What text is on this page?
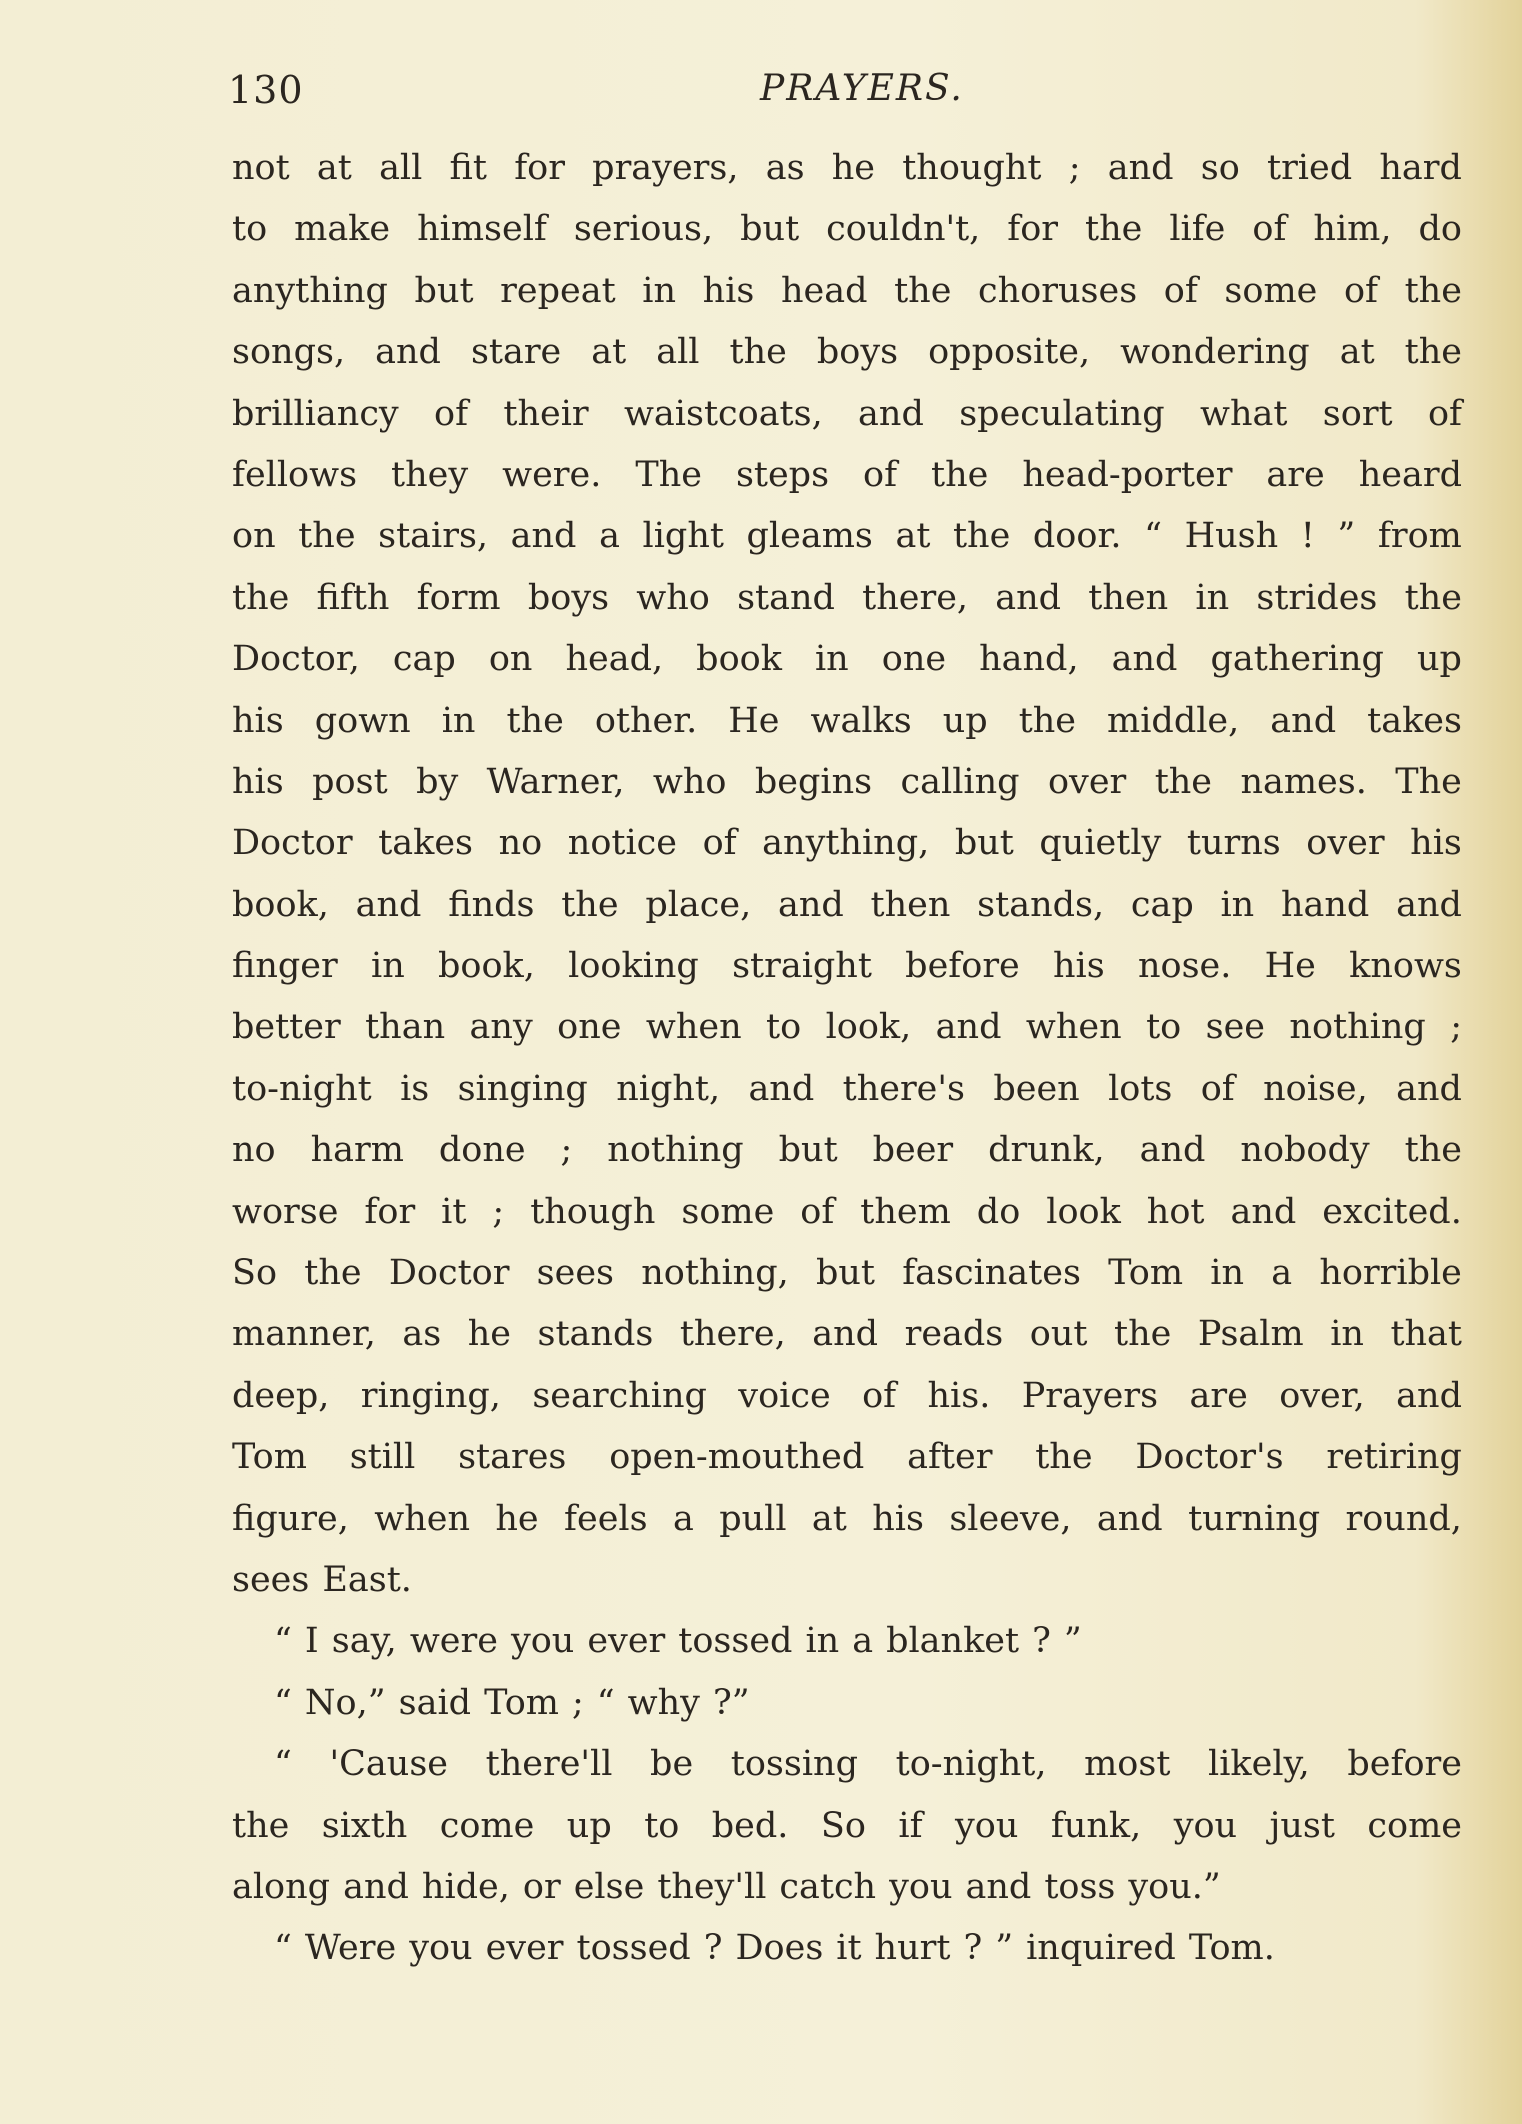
130	PRAYERS.
not at all fit for prayers, as he thought ; and so tried hard
to make himself serious, but couldn't, for the life of him, do
anything but repeat in his head the choruses of some of the
songs, and stare at all the boys opposite, wondering at the
brilliancy of their waistcoats, and speculating what sort of
fellows they were. The steps of the head-porter are heard
on the stairs, and a light gleams at the door. “ Hush ! ” from
the fifth form boys who stand there, and then in strides the
Doctor, cap on head, book in one hand, and gathering up
his gown in the other. He walks up the middle, and takes
his post by Warner, who begins calling over the names. The
Doctor takes no notice of anything, but quietly turns over his
book, and finds the place, and then stands, cap in hand and
finger in book, looking straight before his nose. He knows
better than any one when to look, and when to see nothing ;
to-night is singing night, and there's been lots of noise, and
no harm done ; nothing but beer drunk, and nobody the
worse for it ; though some of them do look hot and excited.
So the Doctor sees nothing, but fascinates Tom in a horrible
manner, as he stands there, and reads out the Psalm in that
deep, ringing, searching voice of his. Prayers are over, and
Tom still stares open-mouthed after the Doctor's retiring
figure, when he feels a pull at his sleeve, and turning round,
sees East.
“ I say, were you ever tossed in a blanket ? ”
“ No,” said Tom ; “ why ?”
“ 'Cause there'll be tossing to-night, most likely, before
the sixth come up to bed. So if you funk, you just come
along and hide, or else they'll catch you and toss you.”
“ Were you ever tossed ? Does it hurt ? ” inquired Tom.
